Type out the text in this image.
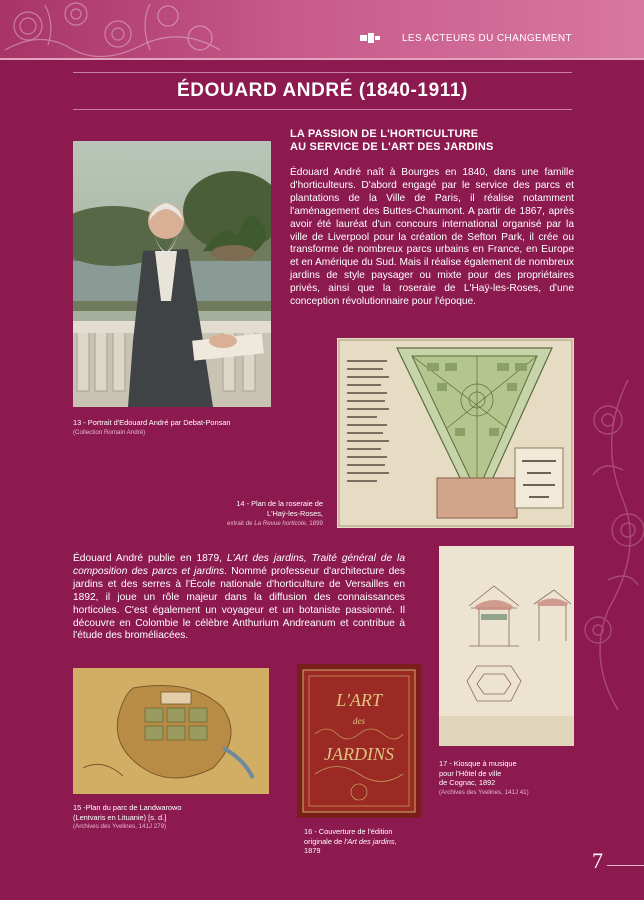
LES ACTEURS DU CHANGEMENT
ÉDOUARD ANDRÉ (1840-1911)
LA PASSION DE L'HORTICULTURE
AU SERVICE DE L'ART DES JARDINS
Édouard André naît à Bourges en 1840, dans une famille d'horticulteurs. D'abord engagé par le service des parcs et plantations de la Ville de Paris, il réalise notamment l'aménagement des Buttes-Chaumont. A partir de 1867, après avoir été lauréat d'un concours international organisé par la ville de Liverpool pour la création de Sefton Park, il crée ou transforme de nombreux parcs urbains en France, en Europe et en Amérique du Sud. Mais il réalise également de nombreux jardins de style paysager ou mixte pour des propriétaires privés, ainsi que la roseraie de L'Haÿ-les-Roses, d'une conception révolutionnaire pour l'époque.
13 - Portrait d'Edouard André par Debat-Ponsan
(Collection Romain André)
14 - Plan de la roseraie de
L'Haÿ-les-Roses,
extrait de La Revue horticole, 1899
Édouard André publie en 1879, L'Art des jardins, Traité général de la composition des parcs et jardins. Nommé professeur d'architecture des jardins et des serres à l'École nationale d'horticulture de Versailles en 1892, il joue un rôle majeur dans la diffusion des connaissances horticoles. C'est également un voyageur et un botaniste passionné. Il découvre en Colombie le célèbre Anthurium Andreanum et contribue à l'étude des broméliacées.
17 - Kiosque à musique
pour l'Hôtel de ville
de Cognac, 1892
(Archives des Yvelines, 141J 41)
15 -Plan du parc de Landwarowo
(Lentvaris en Lituanie) [s. d.]
(Archives des Yvelines, 141J 279)
L'ART
des
JARDINS
16 - Couverture de l'édition
originale de l'Art des jardins,
1879	7
